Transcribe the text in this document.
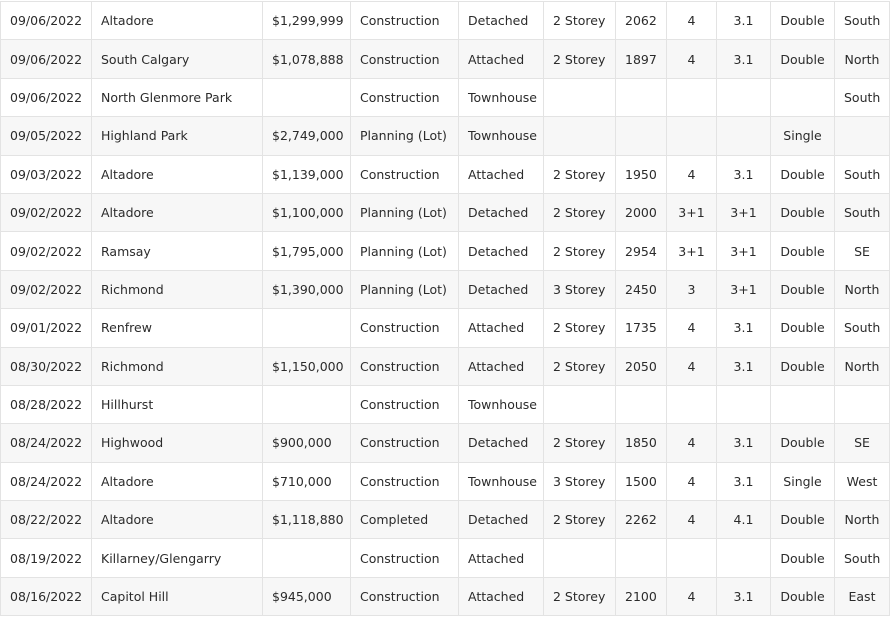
09/06/2022	Altadore	$1,299,999	Construction	Detached	2 Storey	2062	4	3.1	Double	South
09/06/2022	South Calgary	$1,078,888	Construction	Attached	2 Storey	1897	4	3.1	Double	North
09/06/2022	North Glenmore Park		Construction	Townhouse						South
09/05/2022	Highland Park	$2,749,000	Planning (Lot)	Townhouse					Single	
09/03/2022	Altadore	$1,139,000	Construction	Attached	2 Storey	1950	4	3.1	Double	South
09/02/2022	Altadore	$1,100,000	Planning (Lot)	Detached	2 Storey	2000	3+1	3+1	Double	South
09/02/2022	Ramsay	$1,795,000	Planning (Lot)	Detached	2 Storey	2954	3+1	3+1	Double	SE
09/02/2022	Richmond	$1,390,000	Planning (Lot)	Detached	3 Storey	2450	3	3+1	Double	North
09/01/2022	Renfrew		Construction	Attached	2 Storey	1735	4	3.1	Double	South
08/30/2022	Richmond	$1,150,000	Construction	Attached	2 Storey	2050	4	3.1	Double	North
08/28/2022	Hillhurst		Construction	Townhouse						
08/24/2022	Highwood	$900,000	Construction	Detached	2 Storey	1850	4	3.1	Double	SE
08/24/2022	Altadore	$710,000	Construction	Townhouse	3 Storey	1500	4	3.1	Single	West
08/22/2022	Altadore	$1,118,880	Completed	Detached	2 Storey	2262	4	4.1	Double	North
08/19/2022	Killarney/Glengarry		Construction	Attached					Double	South
08/16/2022	Capitol Hill	$945,000	Construction	Attached	2 Storey	2100	4	3.1	Double	East
